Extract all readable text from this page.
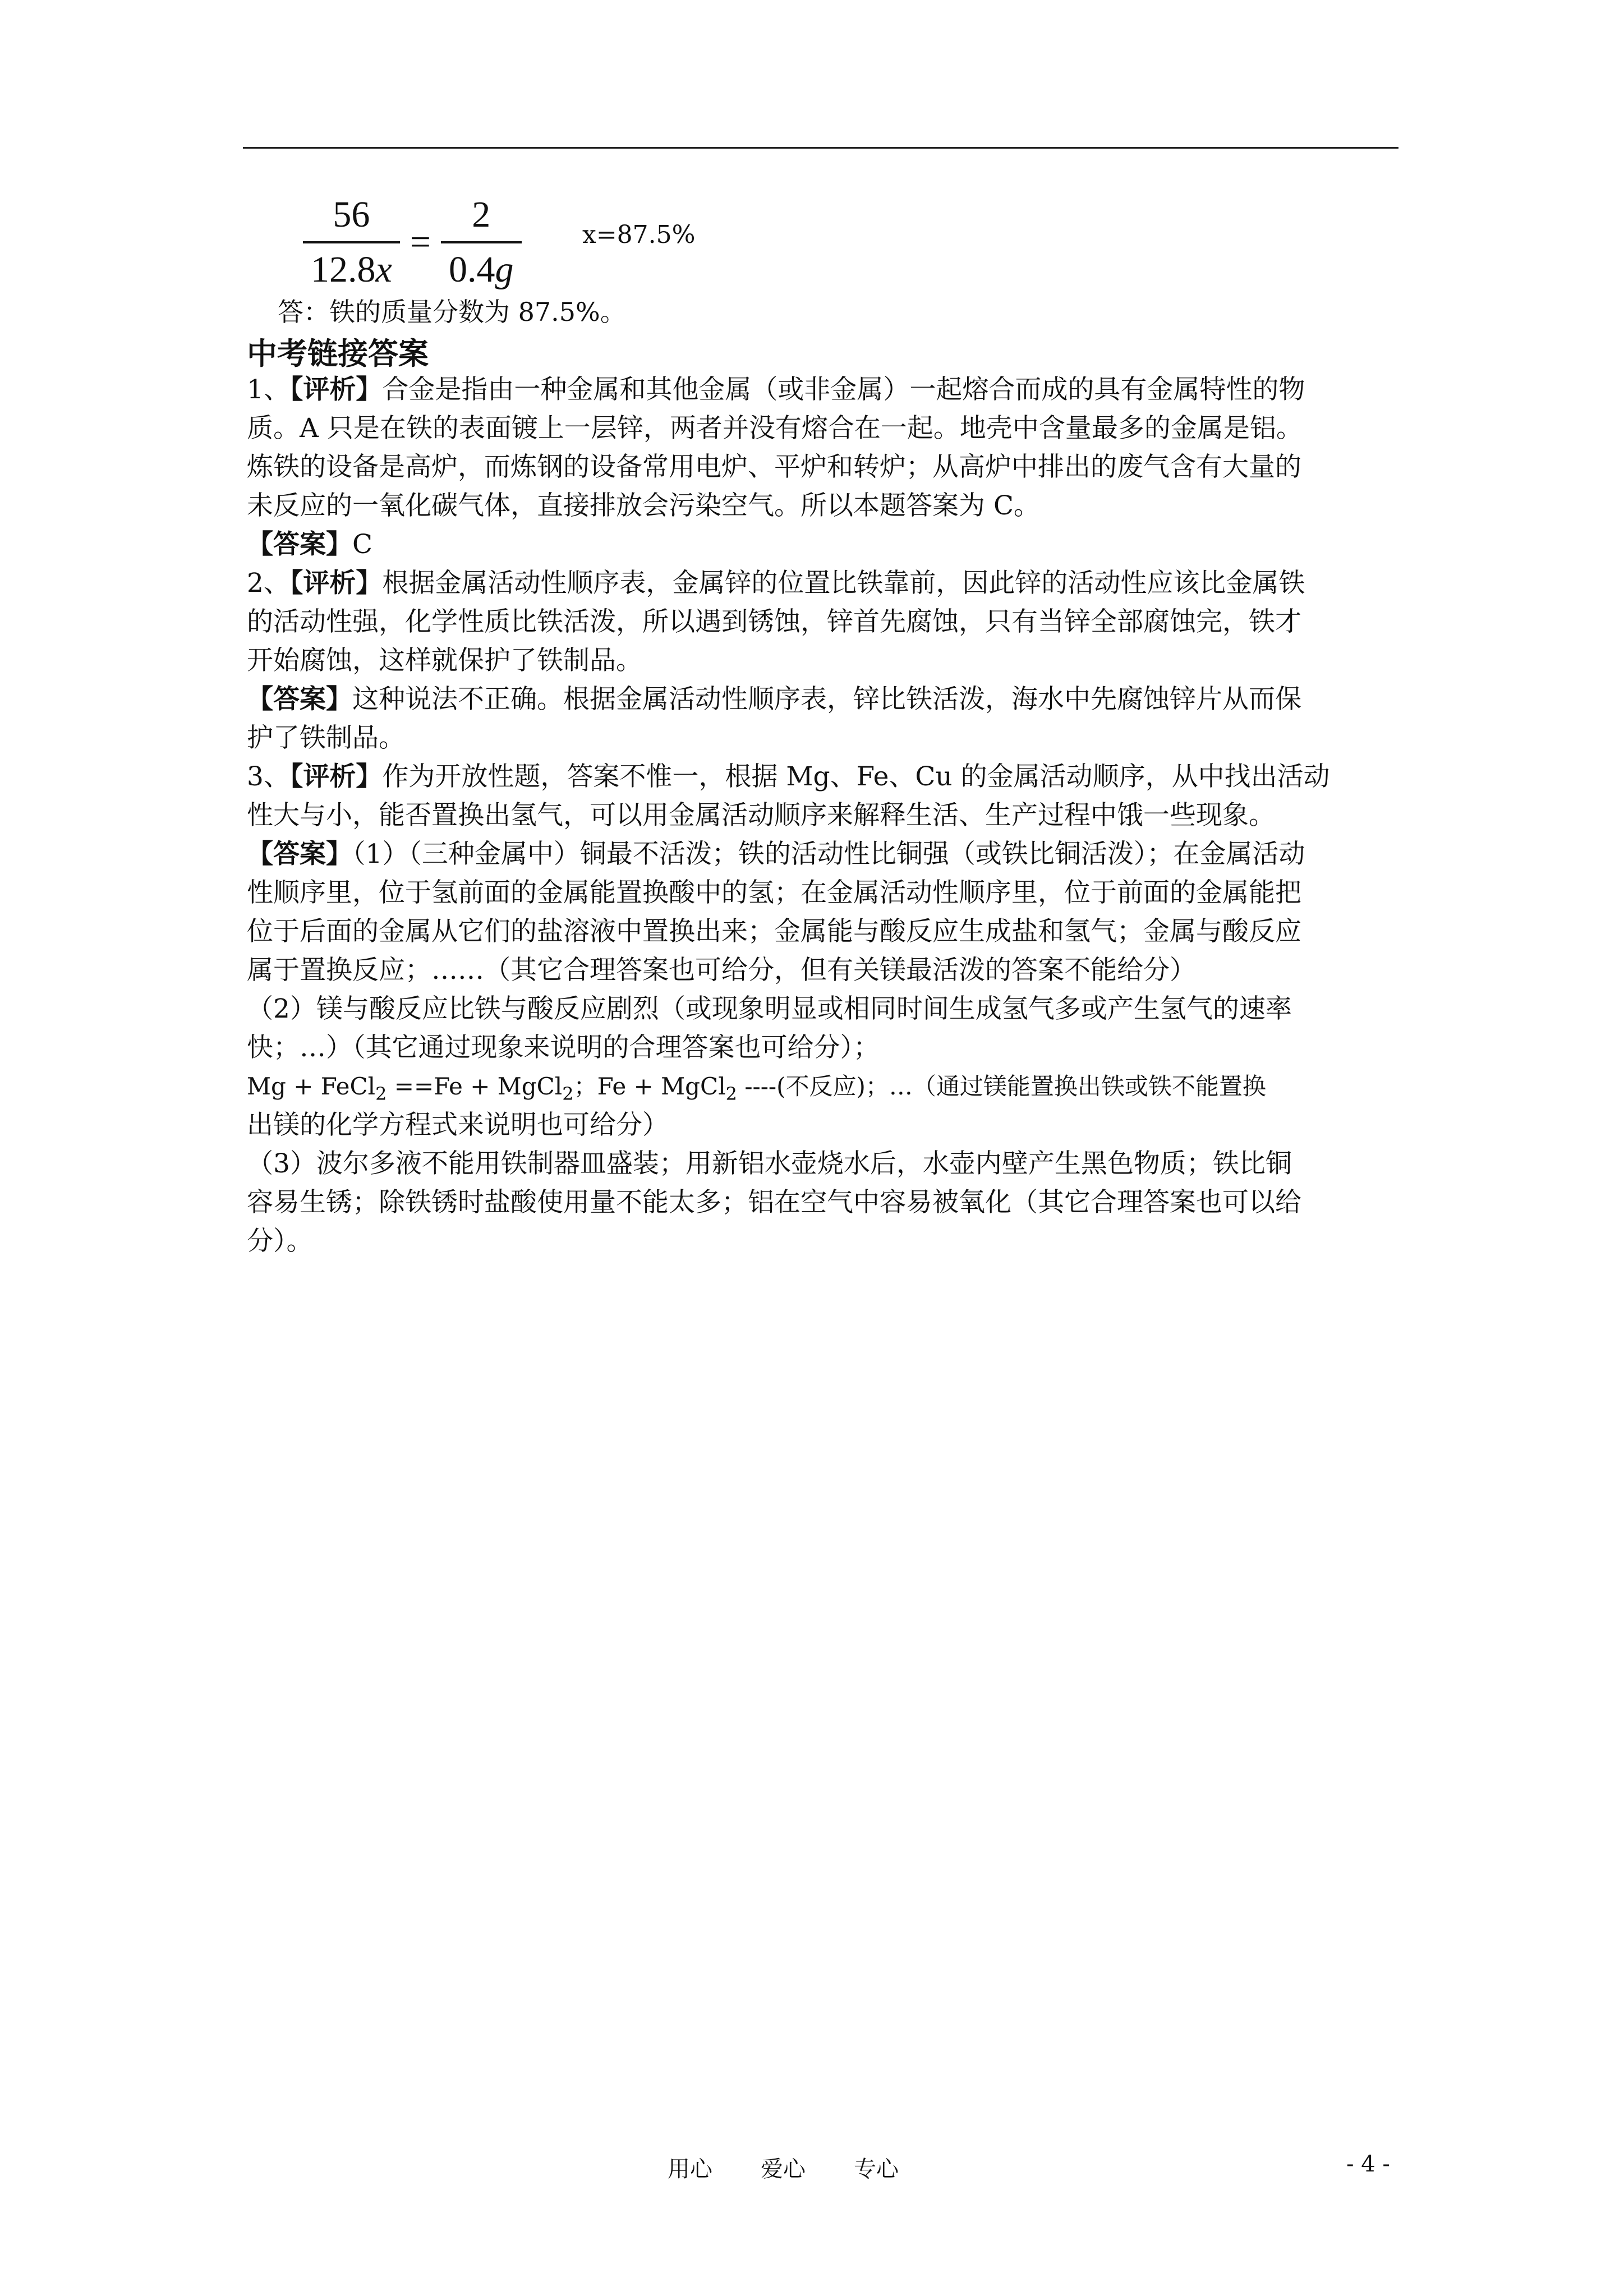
$\frac{56}{12.8x} = \frac{2}{0.4g} x=87.5\%$
答：铁的质量分数为 87.5%。
中考链接答案
1、【评析】合金是指由一种金属和其他金属（或非金属）一起熔合而成的具有金属特性的物
质。A 只是在铁的表面镀上一层锌，两者并没有熔合在一起。地壳中含量最多的金属是铝。
炼铁的设备是高炉，而炼钢的设备常用电炉、平炉和转炉；从高炉中排出的废气含有大量的
未反应的一氧化碳气体，直接排放会污染空气。所以本题答案为 C。
【答案】C
2、【评析】根据金属活动性顺序表，金属锌的位置比铁靠前，因此锌的活动性应该比金属铁
的活动性强，化学性质比铁活泼，所以遇到锈蚀，锌首先腐蚀，只有当锌全部腐蚀完，铁才
开始腐蚀，这样就保护了铁制品。
【答案】这种说法不正确。根据金属活动性顺序表，锌比铁活泼，海水中先腐蚀锌片从而保
护了铁制品。
3、【评析】作为开放性题，答案不惟一，根据 Mg、Fe、Cu 的金属活动顺序，从中找出活动
性大与小，能否置换出氢气，可以用金属活动顺序来解释生活、生产过程中饿一些现象。
【答案】（1）（三种金属中）铜最不活泼；铁的活动性比铜强（或铁比铜活泼）；在金属活动
性顺序里，位于氢前面的金属能置换酸中的氢；在金属活动性顺序里，位于前面的金属能把
位于后面的金属从它们的盐溶液中置换出来；金属能与酸反应生成盐和氢气；金属与酸反应
属于置换反应；……（其它合理答案也可给分，但有关镁最活泼的答案不能给分）
（2）镁与酸反应比铁与酸反应剧烈（或现象明显或相同时间生成氢气多或产生氢气的速率
快；…）（其它通过现象来说明的合理答案也可给分）；
Mg + FeCl$_2$ ==Fe + MgCl$_2$；Fe + MgCl$_2$ ----(不反应)；…（通过镁能置换出铁或铁不能置换
出镁的化学方程式来说明也可给分）
（3）波尔多液不能用铁制器皿盛装；用新铝水壶烧水后，水壶内壁产生黑色物质；铁比铜
容易生锈；除铁锈时盐酸使用量不能太多；铝在空气中容易被氧化（其它合理答案也可以给
分）。
用心 爱心 专心	- 4 -
